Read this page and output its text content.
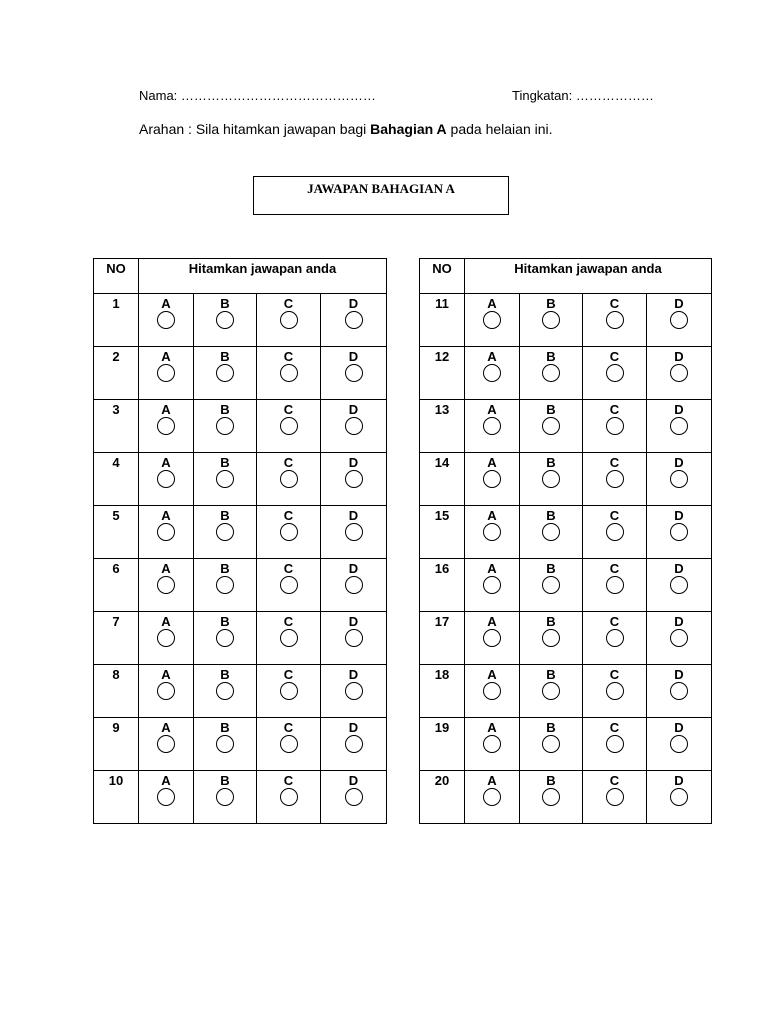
Nama: ………………………………………	Tingkatan: ………………
Arahan : Sila hitamkan jawapan bagi Bahagian A pada helaian ini.
JAWAPAN BAHAGIAN A
NO	Hitamkan jawapan anda			

1	A	B	C	D

2	A	B	C	D

3	A	B	C	D

4	A	B	C	D

5	A	B	C	D

6	A	B	C	D

7	A	B	C	D

8	A	B	C	D

9	A	B	C	D

10	A	B	C	D
NO	Hitamkan jawapan anda			

11	A	B	C	D

12	A	B	C	D

13	A	B	C	D

14	A	B	C	D

15	A	B	C	D

16	A	B	C	D

17	A	B	C	D

18	A	B	C	D

19	A	B	C	D

20	A	B	C	D
